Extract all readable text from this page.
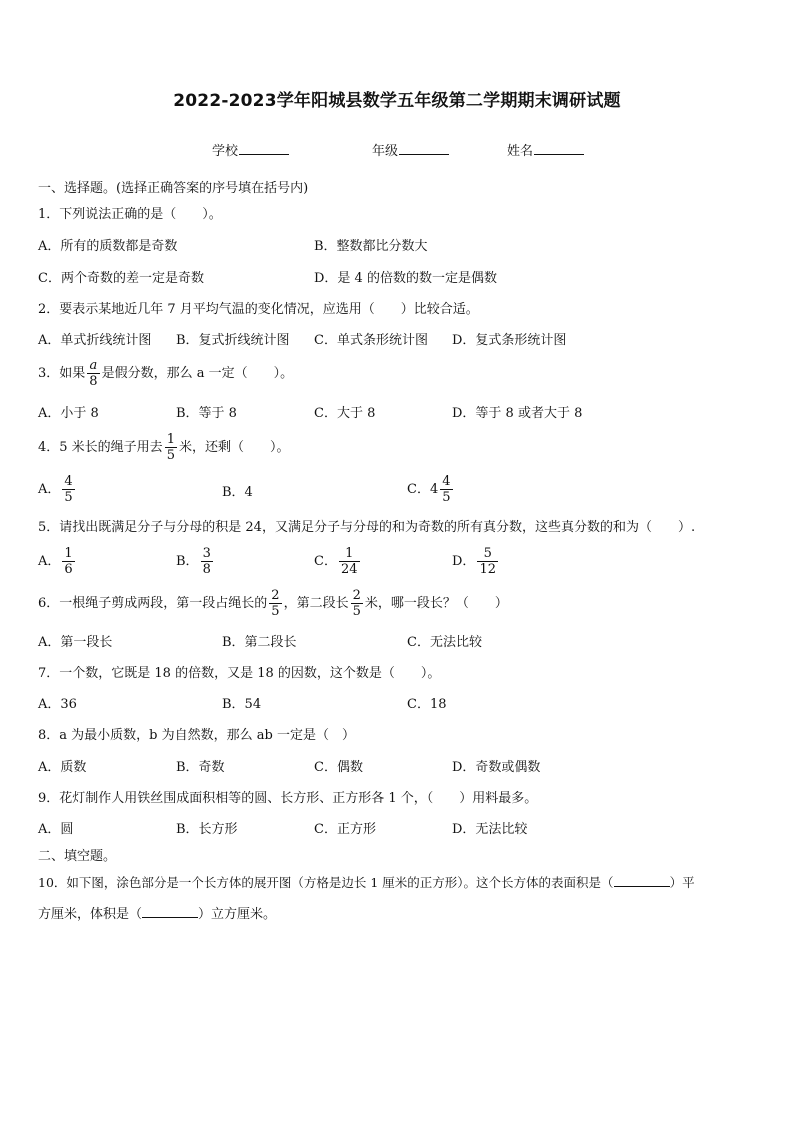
2022-2023学年阳城县数学五年级第二学期期末调研试题
学校	年级	姓名
一、选择题。(选择正确答案的序号填在括号内)
1．下列说法正确的是（　　）。
A．所有的质数都是奇数	B．整数都比分数大
C．两个奇数的差一定是奇数	D．是 4 的倍数的数一定是偶数
2．要表示某地近几年 7 月平均气温的变化情况，应选用（　　）比较合适。
A．单式折线统计图 B．复式折线统计图 C．单式条形统计图 D．复式条形统计图
3．如果 $\frac{a}{8}$ 是假分数，那么 a 一定（　　）。
A．小于 8	B．等于 8	C．大于 8	D．等于 8 或者大于 8
4．5 米长的绳子用去 $\frac{1}{5}$ 米，还剩（　　）。
A． $\frac{4}{5}$	B．4	C．$4 \frac{4}{5}$
5．请找出既满足分子与分母的积是 24，又满足分子与分母的和为奇数的所有真分数，这些真分数的和为（　　）.
A． $\frac{1}{6}$	B． $\frac{3}{8}$	C． $\frac{1}{24}$	D． $\frac{5}{12}$
6．一根绳子剪成两段，第一段占绳长的 $\frac{2}{5}$ ，第二段长 $\frac{2}{5}$ 米，哪一段长？（　　）
A．第一段长	B．第二段长	C．无法比较
7．一个数，它既是 18 的倍数，又是 18 的因数，这个数是（　　）。
A．36	B．54	C．18
8．a 为最小质数，b 为自然数，那么 ab 一定是（　）
A．质数	B．奇数	C．偶数	D．奇数或偶数
9．花灯制作人用铁丝围成面积相等的圆、长方形、正方形各 1 个，（　　）用料最多。
A．圆	B．长方形	C．正方形	D．无法比较
二、填空题。
10．如下图，涂色部分是一个长方体的展开图（方格是边长 1 厘米的正方形）。这个长方体的表面积是（	）平
方厘米，体积是（	）立方厘米。
